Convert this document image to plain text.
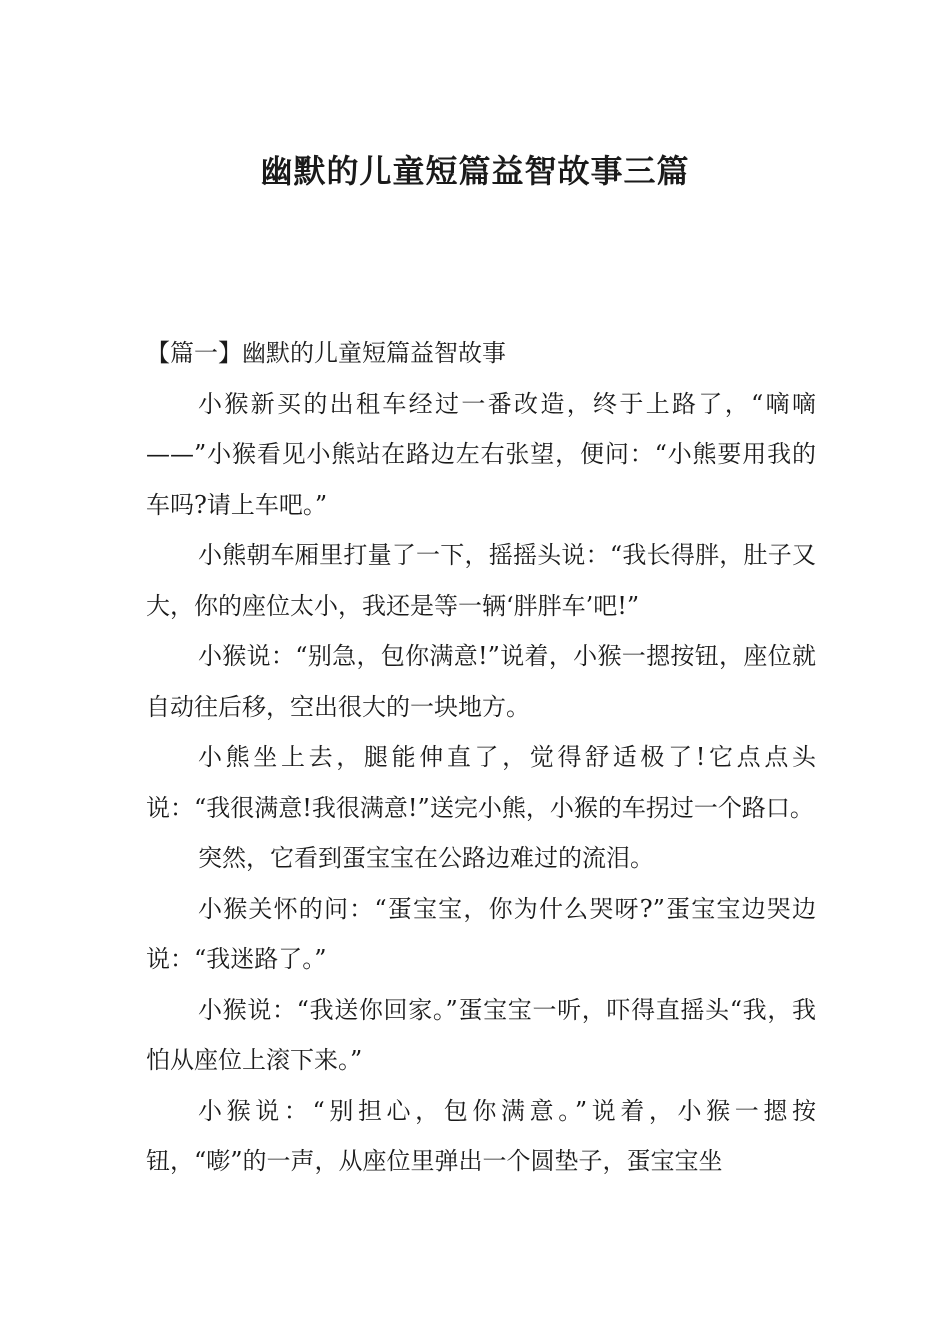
幽默的儿童短篇益智故事三篇

【篇一】幽默的儿童短篇益智故事

小猴新买的出租车经过一番改造，终于上路了，“嘀嘀——”小猴看见小熊站在路边左右张望，便问：“小熊要用我的车吗?请上车吧。”

小熊朝车厢里打量了一下，摇摇头说：“我长得胖，肚子又大，你的座位太小，我还是等一辆‘胖胖车’吧!”

小猴说：“别急，包你满意!”说着，小猴一摁按钮，座位就自动往后移，空出很大的一块地方。

小熊坐上去，腿能伸直了，觉得舒适极了!它点点头说：“我很满意!我很满意!”送完小熊，小猴的车拐过一个路口。

突然，它看到蛋宝宝在公路边难过的流泪。

小猴关怀的问：“蛋宝宝，你为什么哭呀?”蛋宝宝边哭边说：“我迷路了。”

小猴说：“我送你回家。”蛋宝宝一听，吓得直摇头“我，我怕从座位上滚下来。”

小猴说：“别担心，包你满意。”说着，小猴一摁按钮，“嘭”的一声，从座位里弹出一个圆垫子，蛋宝宝坐
